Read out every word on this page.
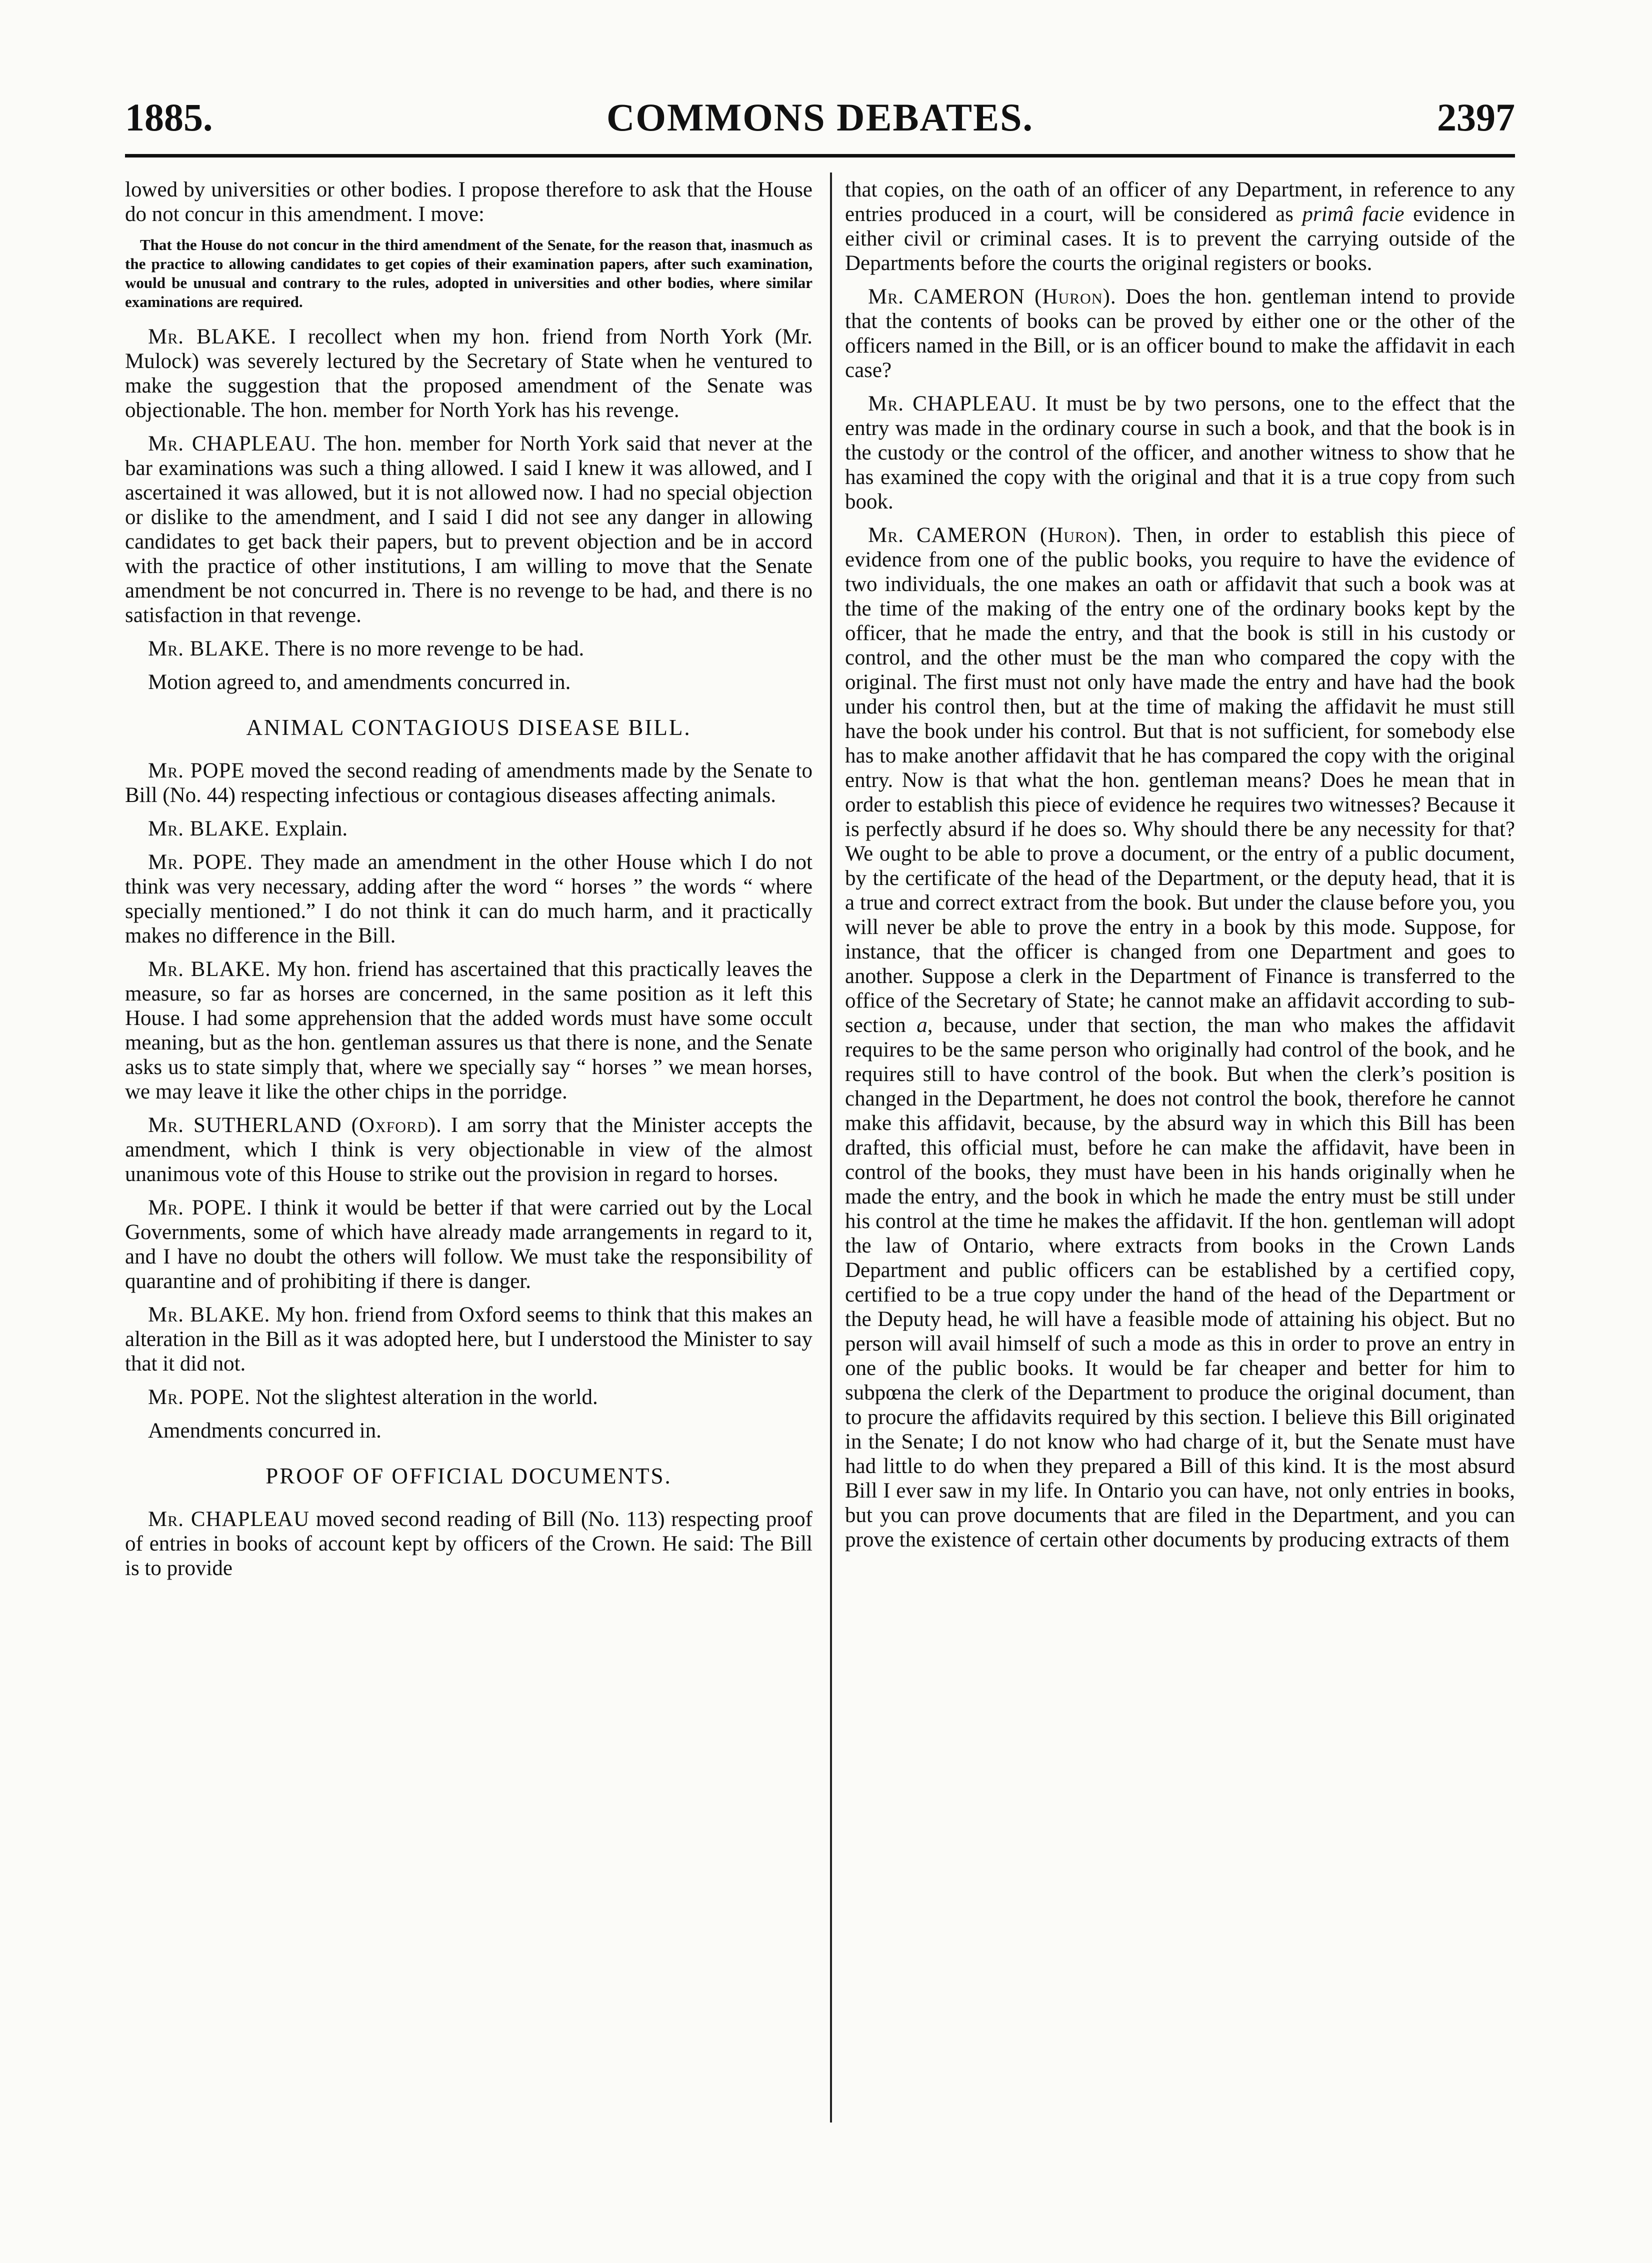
COMMONS DEBATES.
1885.	2397

lowed by universities or other bodies. I propose therefore to ask that the House do not concur in this amendment. I move:

That the House do not concur in the third amendment of the Senate, for the reason that, inasmuch as the practice to allowing candidates to get copies of their examination papers, after such examination, would be unusual and contrary to the rules, adopted in universities and other bodies, where similar examinations are required.

Mr. BLAKE. I recollect when my hon. friend from North York (Mr. Mulock) was severely lectured by the Secretary of State when he ventured to make the suggestion that the proposed amendment of the Senate was objectionable. The hon. member for North York has his revenge.

Mr. CHAPLEAU. The hon. member for North York said that never at the bar examinations was such a thing allowed. I said I knew it was allowed, and I ascertained it was allowed, but it is not allowed now. I had no special objection or dislike to the amendment, and I said I did not see any danger in allowing candidates to get back their papers, but to prevent objection and be in accord with the practice of other institutions, I am willing to move that the Senate amendment be not concurred in. There is no revenge to be had, and there is no satisfaction in that revenge.

Mr. BLAKE. There is no more revenge to be had.

Motion agreed to, and amendments concurred in.

ANIMAL CONTAGIOUS DISEASE BILL.

Mr. POPE moved the second reading of amendments made by the Senate to Bill (No. 44) respecting infectious or contagious diseases affecting animals.

Mr. BLAKE. Explain.

Mr. POPE. They made an amendment in the other House which I do not think was very necessary, adding after the word “ horses ” the words “ where specially mentioned.” I do not think it can do much harm, and it practically makes no difference in the Bill.

Mr. BLAKE. My hon. friend has ascertained that this practically leaves the measure, so far as horses are concerned, in the same position as it left this House. I had some apprehension that the added words must have some occult meaning, but as the hon. gentleman assures us that there is none, and the Senate asks us to state simply that, where we specially say “ horses ” we mean horses, we may leave it like the other chips in the porridge.

Mr. SUTHERLAND (Oxford). I am sorry that the Minister accepts the amendment, which I think is very objectionable in view of the almost unanimous vote of this House to strike out the provision in regard to horses.

Mr. POPE. I think it would be better if that were carried out by the Local Governments, some of which have already made arrangements in regard to it, and I have no doubt the others will follow. We must take the responsibility of quarantine and of prohibiting if there is danger.

Mr. BLAKE. My hon. friend from Oxford seems to think that this makes an alteration in the Bill as it was adopted here, but I understood the Minister to say that it did not.

Mr. POPE. Not the slightest alteration in the world.

Amendments concurred in.

PROOF OF OFFICIAL DOCUMENTS.

Mr. CHAPLEAU moved second reading of Bill (No. 113) respecting proof of entries in books of account kept by officers of the Crown. He said: The Bill is to provide

that copies, on the oath of an officer of any Department, in reference to any entries produced in a court, will be considered as primâ facie evidence in either civil or criminal cases. It is to prevent the carrying outside of the Departments before the courts the original registers or books.

Mr. CAMERON (Huron). Does the hon. gentleman intend to provide that the contents of books can be proved by either one or the other of the officers named in the Bill, or is an officer bound to make the affidavit in each case?

Mr. CHAPLEAU. It must be by two persons, one to the effect that the entry was made in the ordinary course in such a book, and that the book is in the custody or the control of the officer, and another witness to show that he has examined the copy with the original and that it is a true copy from such book.

Mr. CAMERON (Huron). Then, in order to establish this piece of evidence from one of the public books, you require to have the evidence of two individuals, the one makes an oath or affidavit that such a book was at the time of the making of the entry one of the ordinary books kept by the officer, that he made the entry, and that the book is still in his custody or control, and the other must be the man who compared the copy with the original. The first must not only have made the entry and have had the book under his control then, but at the time of making the affidavit he must still have the book under his control. But that is not sufficient, for somebody else has to make another affidavit that he has compared the copy with the original entry. Now is that what the hon. gentleman means? Does he mean that in order to establish this piece of evidence he requires two witnesses? Because it is perfectly absurd if he does so. Why should there be any necessity for that? We ought to be able to prove a document, or the entry of a public document, by the certificate of the head of the Department, or the deputy head, that it is a true and correct extract from the book. But under the clause before you, you will never be able to prove the entry in a book by this mode. Suppose, for instance, that the officer is changed from one Department and goes to another. Suppose a clerk in the Department of Finance is transferred to the office of the Secretary of State; he cannot make an affidavit according to sub-section a, because, under that section, the man who makes the affidavit requires to be the same person who originally had control of the book, and he requires still to have control of the book. But when the clerk’s position is changed in the Department, he does not control the book, therefore he cannot make this affidavit, because, by the absurd way in which this Bill has been drafted, this official must, before he can make the affidavit, have been in control of the books, they must have been in his hands originally when he made the entry, and the book in which he made the entry must be still under his control at the time he makes the affidavit. If the hon. gentleman will adopt the law of Ontario, where extracts from books in the Crown Lands Department and public officers can be established by a certified copy, certified to be a true copy under the hand of the head of the Department or the Deputy head, he will have a feasible mode of attaining his object. But no person will avail himself of such a mode as this in order to prove an entry in one of the public books. It would be far cheaper and better for him to subpœna the clerk of the Department to produce the original document, than to procure the affidavits required by this section. I believe this Bill originated in the Senate; I do not know who had charge of it, but the Senate must have had little to do when they prepared a Bill of this kind. It is the most absurd Bill I ever saw in my life. In Ontario you can have, not only entries in books, but you can prove documents that are filed in the Department, and you can prove the existence of certain other documents by producing extracts of them
